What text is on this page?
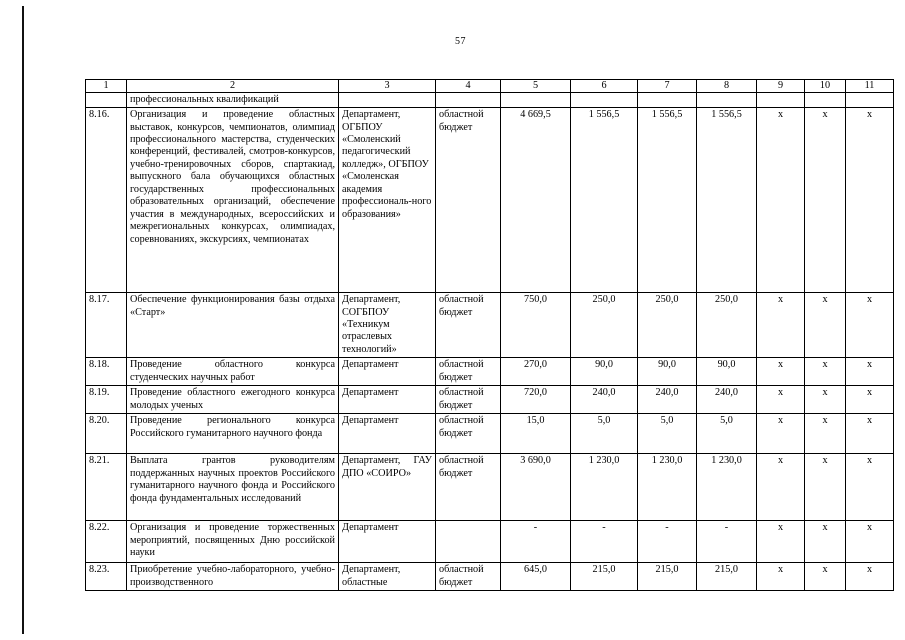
57
1	2	3	4	5	6	7	8	9	10	11
	профессиональных квалификаций									
8.16.	Организация и проведение областных выставок, конкурсов, чемпионатов, олимпиад профессионального мастерства, студенческих конференций, фестивалей, смотров-конкурсов, учебно-тренировочных сборов, спартакиад, выпускного бала обучающихся областных государственных профессиональных образовательных организаций, обеспечение участия в международных, всероссийских и межрегиональных конкурсах, олимпиадах, соревнованиях, экскурсиях, чемпионатах	Департамент, ОГБПОУ «Смоленский педагогический колледж», ОГБПОУ «Смоленская академия профессиональ-ного образования»	областной бюджет	4 669,5	1 556,5	1 556,5	1 556,5	х	х	х
8.17.	Обеспечение функционирования базы отдыха «Старт»	Департамент, СОГБПОУ «Техникум отраслевых технологий»	областной бюджет	750,0	250,0	250,0	250,0	х	х	х
8.18.	Проведение областного конкурса студенческих научных работ	Департамент	областной бюджет	270,0	90,0	90,0	90,0	х	х	х
8.19.	Проведение областного ежегодного конкурса молодых ученых	Департамент	областной бюджет	720,0	240,0	240,0	240,0	х	х	х
8.20.	Проведение регионального конкурса Российского гуманитарного научного фонда	Департамент	областной бюджет	15,0	5,0	5,0	5,0	х	х	х
8.21.	Выплата грантов руководителям поддержанных научных проектов Российского гуманитарного научного фонда и Российского фонда фундаментальных исследований	Департамент, ГАУ ДПО «СОИРО»	областной бюджет	3 690,0	1 230,0	1 230,0	1 230,0	х	х	х
8.22.	Организация и проведение торжественных мероприятий, посвященных Дню российской науки	Департамент		-	-	-	-	х	х	х
8.23.	Приобретение учебно-лабораторного, учебно-производственного	Департамент, областные	областной бюджет	645,0	215,0	215,0	215,0	х	х	х
